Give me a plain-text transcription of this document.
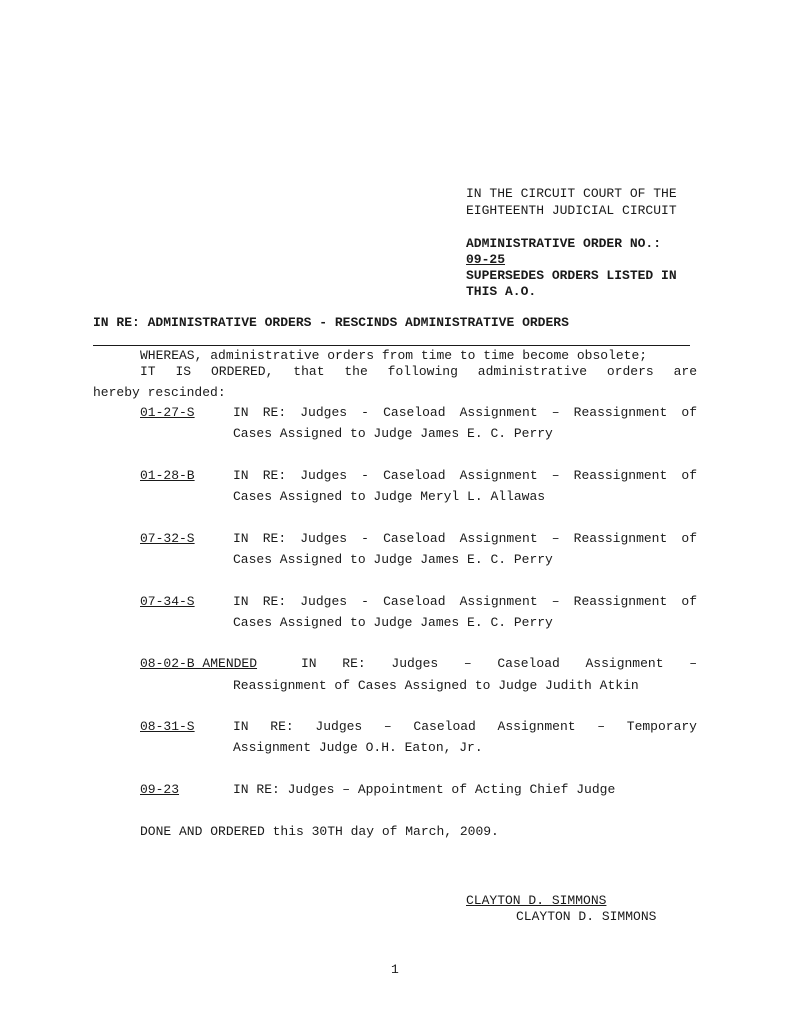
IN THE CIRCUIT COURT OF THE
EIGHTEENTH JUDICIAL CIRCUIT
ADMINISTRATIVE ORDER NO.:
09-25
SUPERSEDES ORDERS LISTED IN
THIS A.O.
IN RE: ADMINISTRATIVE ORDERS - RESCINDS ADMINISTRATIVE ORDERS
WHEREAS, administrative orders from time to time become obsolete;
IT IS ORDERED, that the following administrative orders are
hereby rescinded:
01-27-S	IN RE: Judges - Caseload Assignment – Reassignment of
Cases Assigned to Judge James E. C. Perry
01-28-B	IN RE: Judges - Caseload Assignment – Reassignment of
Cases Assigned to Judge Meryl L. Allawas
07-32-S	IN RE: Judges - Caseload Assignment – Reassignment of
Cases Assigned to Judge James E. C. Perry
07-34-S	IN RE: Judges - Caseload Assignment – Reassignment of
Cases Assigned to Judge James E. C. Perry
08-02-B AMENDED	IN RE: Judges – Caseload Assignment –
Reassignment of Cases Assigned to Judge Judith Atkin
08-31-S	IN RE: Judges – Caseload Assignment – Temporary
Assignment Judge O.H. Eaton, Jr.
09-23	IN RE: Judges – Appointment of Acting Chief Judge
DONE AND ORDERED this 30TH day of March, 2009.
CLAYTON D. SIMMONS
CLAYTON D. SIMMONS
1
